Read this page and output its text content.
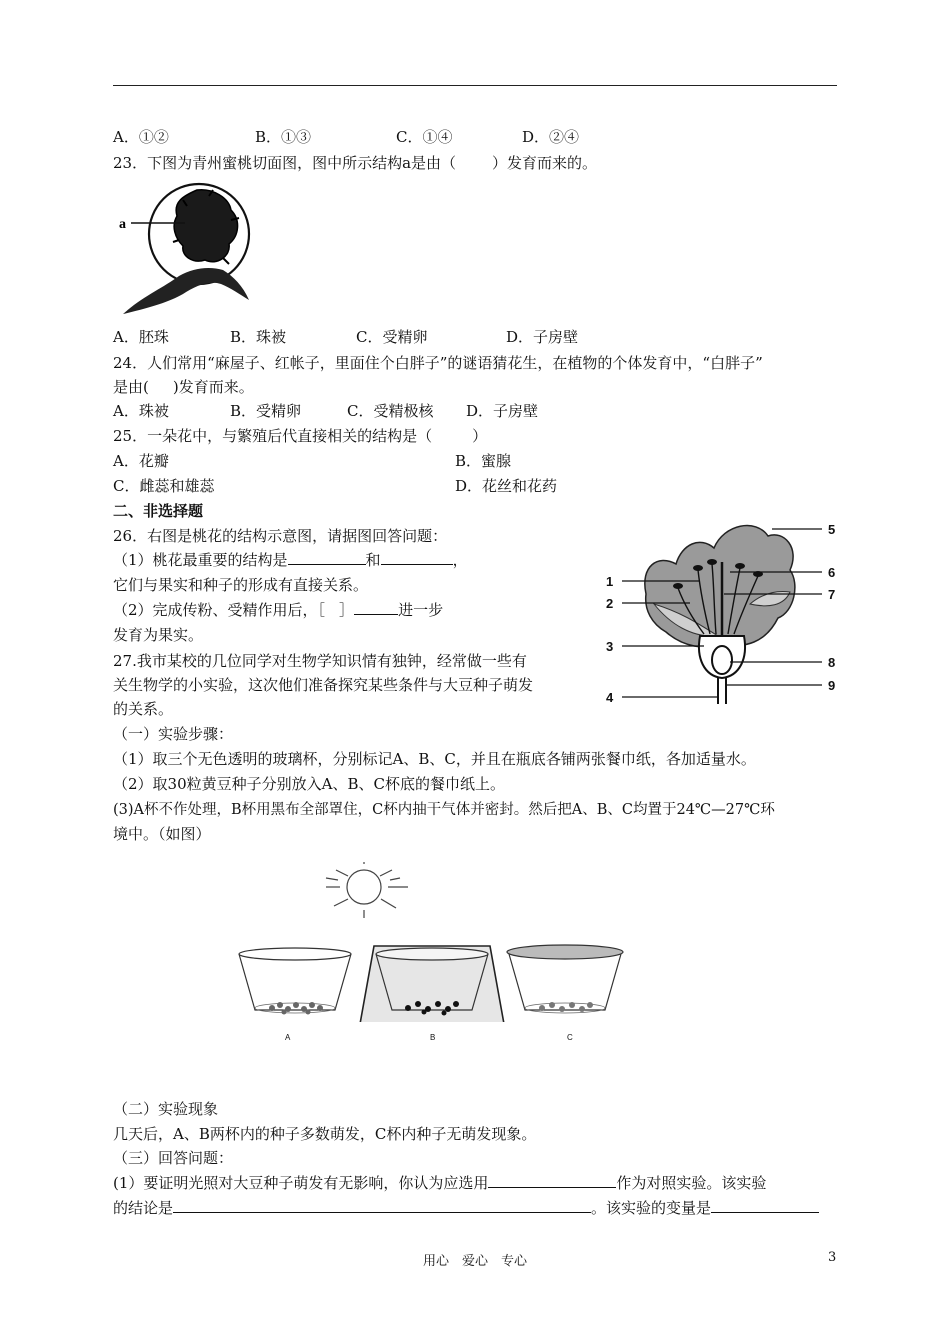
A．①②	B．①③	C．①④	D．②④
23．下图为青州蜜桃切面图，图中所示结构a是由（ ）发育而来的。
a
A．胚珠	B．珠被	C．受精卵	D．子房壁
24．人们常用“麻屋子、红帐子，里面住个白胖子”的谜语猜花生，在植物的个体发育中，“白胖子”
是由( )发育而来。
A．珠被	B．受精卵	C．受精极核 D．子房壁
25．一朵花中，与繁殖后代直接相关的结构是（	）
A．花瓣	B．蜜腺
C．雌蕊和雄蕊	D．花丝和花药
二、非选择题
26．右图是桃花的结构示意图，请据图回答问题：
（1）桃花最重要的结构是	和	，
它们与果实和种子的形成有直接关系。
（2）完成传粉、受精作用后，［ ］	进一步
发育为果实。
1
2
3
4
5
6
7
8
9
27.我市某校的几位同学对生物学知识情有独钟，经常做一些有
关生物学的小实验，这次他们准备探究某些条件与大豆种子萌发
的关系。
（一）实验步骤：
（1）取三个无色透明的玻璃杯，分别标记A、B、C，并且在瓶底各铺两张餐巾纸，各加适量水。
（2）取30粒黄豆种子分别放入A、B、C杯底的餐巾纸上。
(3)A杯不作处理，B杯用黑布全部罩住，C杯内抽干气体并密封。然后把A、B、C均置于24℃—27℃环
境中。（如图）
A	B	C
（二）实验现象
几天后，A、B两杯内的种子多数萌发，C杯内种子无萌发现象。
（三）回答问题：
(1）要证明光照对大豆种子萌发有无影响，你认为应选用	作为对照实验。该实验
的结论是	。该实验的变量是
用心　爱心　专心	3
